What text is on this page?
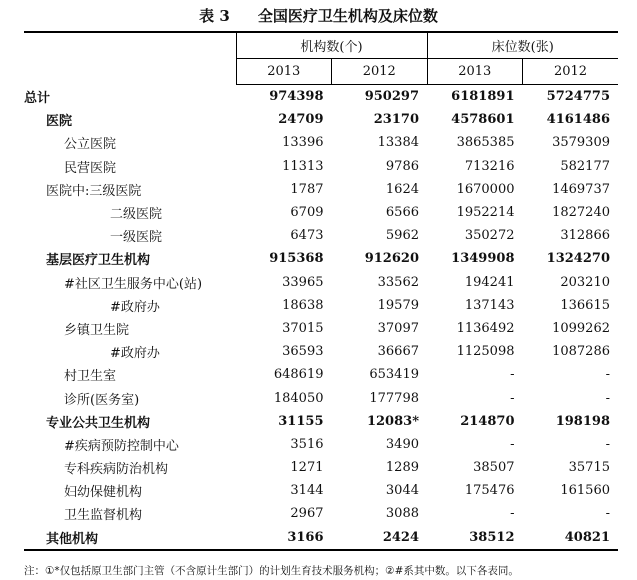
表 3 全国医疗卫生机构及床位数
	机构数(个)		床位数(张)	
	2013	2012	2013	2012
总计	974398	950297	6181891	5724775
医院	24709	23170	4578601	4161486
公立医院	13396	13384	3865385	3579309
民营医院	11313	9786	713216	582177
医院中:三级医院	1787	1624	1670000	1469737
二级医院	6709	6566	1952214	1827240
一级医院	6473	5962	350272	312866
基层医疗卫生机构	915368	912620	1349908	1324270
#社区卫生服务中心(站)	33965	33562	194241	203210
#政府办	18638	19579	137143	136615
乡镇卫生院	37015	37097	1136492	1099262
#政府办	36593	36667	1125098	1087286
村卫生室	648619	653419	-	-
诊所(医务室)	184050	177798	-	-
专业公共卫生机构	31155	12083*	214870	198198
#疾病预防控制中心	3516	3490	-	-
专科疾病防治机构	1271	1289	38507	35715
妇幼保健机构	3144	3044	175476	161560
卫生监督机构	2967	3088	-	-
其他机构	3166	2424	38512	40821
注：①*仅包括原卫生部门主管（不含原计生部门）的计划生育技术服务机构；②#系其中数。以下各表同。
